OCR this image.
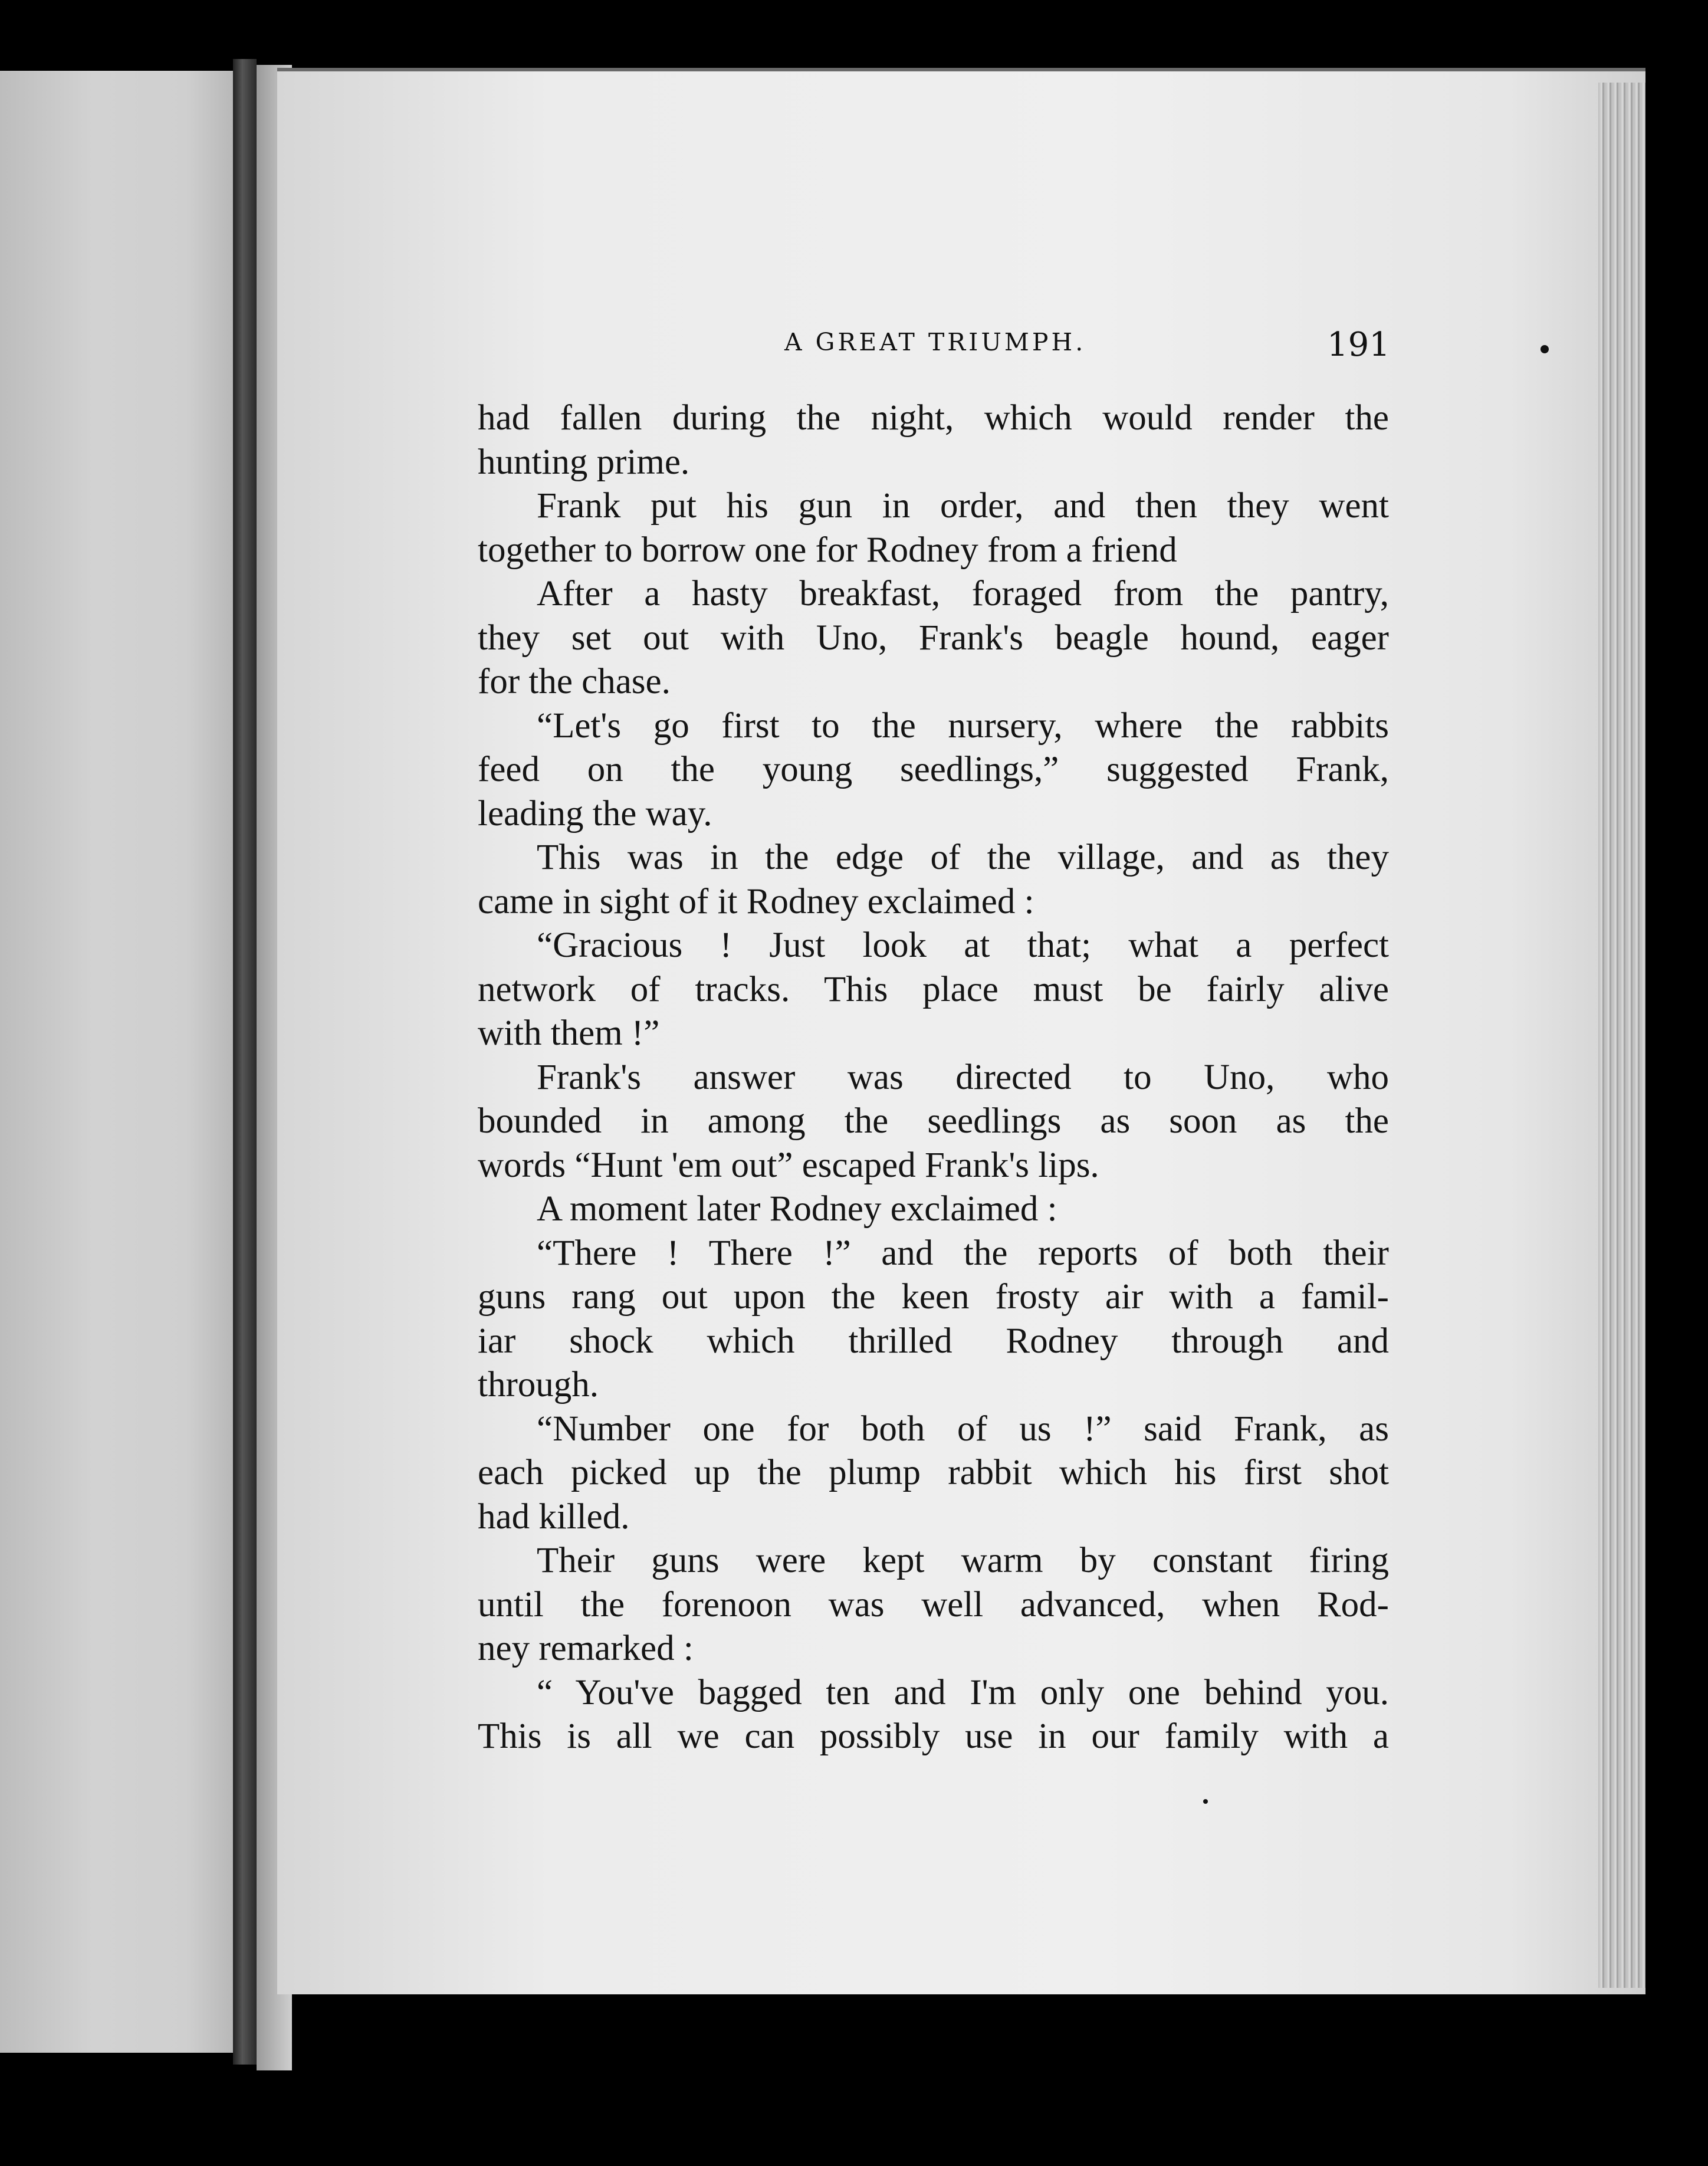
A GREAT TRIUMPH.	191
had fallen during the night, which would render the
hunting prime.
Frank put his gun in order, and then they went
together to borrow one for Rodney from a friend
After a hasty breakfast, foraged from the pantry,
they set out with Uno, Frank's beagle hound, eager
for the chase.
“Let's go first to the nursery, where the rabbits
feed on the young seedlings,” suggested Frank,
leading the way.
This was in the edge of the village, and as they
came in sight of it Rodney exclaimed :
“Gracious ! Just look at that; what a perfect
network of tracks. This place must be fairly alive
with them !”
Frank's answer was directed to Uno, who
bounded in among the seedlings as soon as the
words “Hunt 'em out” escaped Frank's lips.
A moment later Rodney exclaimed :
“There ! There !” and the reports of both their
guns rang out upon the keen frosty air with a famil-
iar shock which thrilled Rodney through and
through.
“Number one for both of us !” said Frank, as
each picked up the plump rabbit which his first shot
had killed.
Their guns were kept warm by constant firing
until the forenoon was well advanced, when Rod-
ney remarked :
“ You've bagged ten and I'm only one behind you.
This is all we can possibly use in our family with a
